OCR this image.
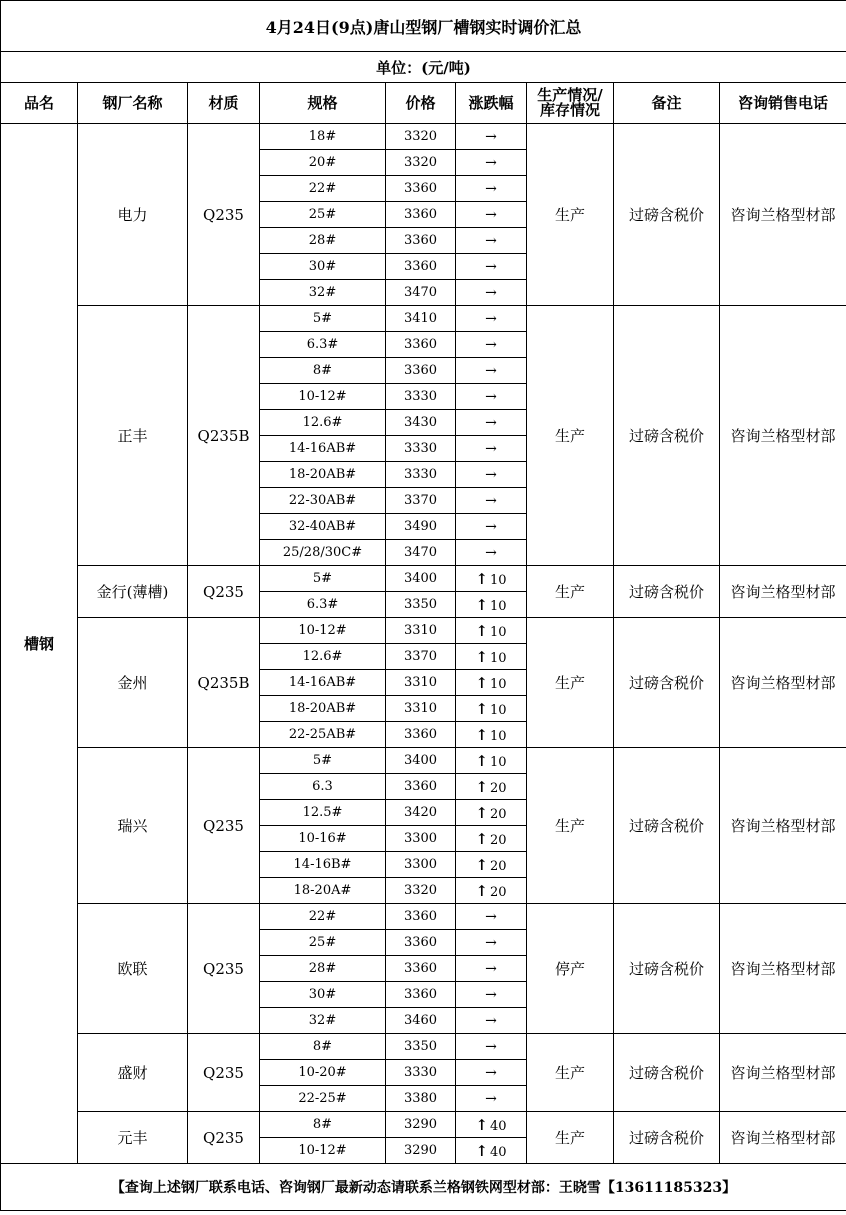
4月24日(9点)唐山型钢厂槽钢实时调价汇总								
单位：(元/吨)								
品名	钢厂名称	材质	规格	价格	涨跌幅	生产情况/
库存情况	备注	咨询销售电话
槽钢	电力	Q235	18#	3320	→	生产	过磅含税价	咨询兰格型材部
			20#	3320	→			
			22#	3360	→			
			25#	3360	→			
			28#	3360	→			
			30#	3360	→			
			32#	3470	→			
	正丰	Q235B	5#	3410	→	生产	过磅含税价	咨询兰格型材部
			6.3#	3360	→			
			8#	3360	→			
			10-12#	3330	→			
			12.6#	3430	→			
			14-16AB#	3330	→			
			18-20AB#	3330	→			
			22-30AB#	3370	→			
			32-40AB#	3490	→			
			25/28/30C#	3470	→			
	金行(薄槽)	Q235	5#	3400	↑ 10	生产	过磅含税价	咨询兰格型材部
			6.3#	3350	↑ 10			
	金州	Q235B	10-12#	3310	↑ 10	生产	过磅含税价	咨询兰格型材部
			12.6#	3370	↑ 10			
			14-16AB#	3310	↑ 10			
			18-20AB#	3310	↑ 10			
			22-25AB#	3360	↑ 10			
	瑞兴	Q235	5#	3400	↑ 10	生产	过磅含税价	咨询兰格型材部
			6.3	3360	↑ 20			
			12.5#	3420	↑ 20			
			10-16#	3300	↑ 20			
			14-16B#	3300	↑ 20			
			18-20A#	3320	↑ 20			
	欧联	Q235	22#	3360	→	停产	过磅含税价	咨询兰格型材部
			25#	3360	→			
			28#	3360	→			
			30#	3360	→			
			32#	3460	→			
	盛财	Q235	8#	3350	→	生产	过磅含税价	咨询兰格型材部
			10-20#	3330	→			
			22-25#	3380	→			
	元丰	Q235	8#	3290	↑ 40	生产	过磅含税价	咨询兰格型材部
			10-12#	3290	↑ 40			
【查询上述钢厂联系电话、咨询钢厂最新动态请联系兰格钢铁网型材部：王晓雪【13611185323】								
